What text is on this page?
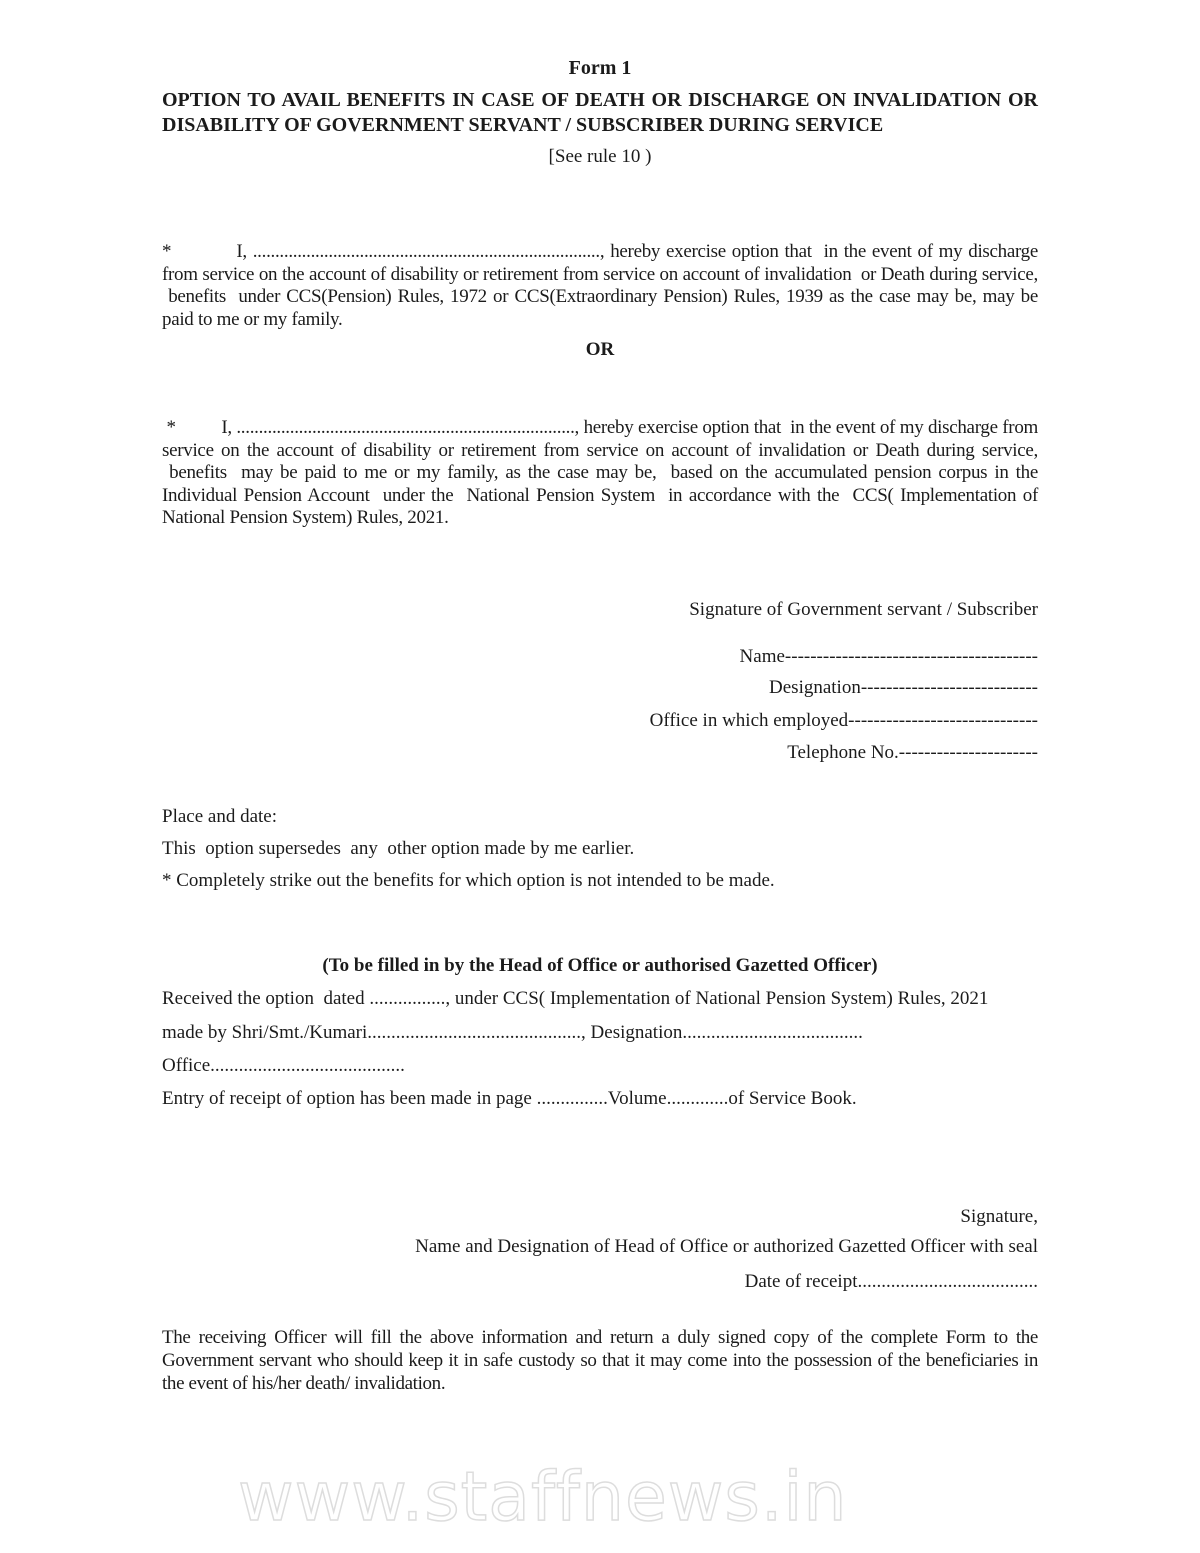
Form 1
OPTION TO AVAIL BENEFITS IN CASE OF DEATH OR DISCHARGE ON INVALIDATION OR
DISABILITY OF GOVERNMENT SERVANT / SUBSCRIBER DURING SERVICE
[See rule 10 )
*           I, .............................................................................., hereby exercise option that  in the event of my discharge from service on the account of disability or retirement from service on account of invalidation  or Death during service,  benefits  under CCS(Pension) Rules, 1972 or CCS(Extraordinary Pension) Rules, 1939 as the case may be, may be paid to me or my family.
OR
*          I, ............................................................................, hereby exercise option that  in the event of my discharge from service on the account of disability or retirement from service on account of invalidation or Death during service,  benefits  may be paid to me or my family, as the case may be,  based on the accumulated pension corpus in the Individual Pension Account  under the  National Pension System  in accordance with the  CCS( Implementation of National Pension System) Rules, 2021.
Signature of Government servant / Subscriber
Name----------------------------------------
Designation----------------------------
Office in which employed------------------------------
Telephone No.----------------------
Place and date:
This  option supersedes  any  other option made by me earlier.
* Completely strike out the benefits for which option is not intended to be made.
(To be filled in by the Head of Office or authorised Gazetted Officer)
Received the option  dated ................, under CCS( Implementation of National Pension System) Rules, 2021
made by Shri/Smt./Kumari............................................., Designation......................................
Office.........................................
Entry of receipt of option has been made in page ...............Volume.............of Service Book.
Signature,
Name and Designation of Head of Office or authorized Gazetted Officer with seal
Date of receipt......................................
The receiving Officer will fill the above information and return a duly signed copy of the complete Form to the Government servant who should keep it in safe custody so that it may come into the possession of the beneficiaries in the event of his/her death/ invalidation.
www.staffnews.in
